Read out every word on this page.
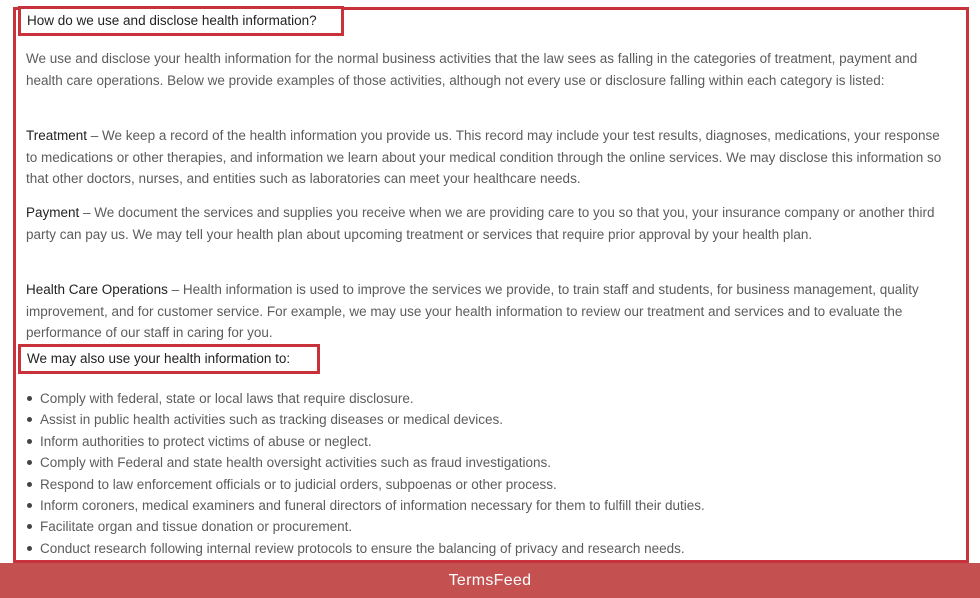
How do we use and disclose health information?

We use and disclose your health information for the normal business activities that the law sees as falling in the categories of treatment, payment and health care operations. Below we provide examples of those activities, although not every use or disclosure falling within each category is listed:

Treatment – We keep a record of the health information you provide us. This record may include your test results, diagnoses, medications, your response to medications or other therapies, and information we learn about your medical condition through the online services. We may disclose this information so that other doctors, nurses, and entities such as laboratories can meet your healthcare needs.

Payment – We document the services and supplies you receive when we are providing care to you so that you, your insurance company or another third party can pay us. We may tell your health plan about upcoming treatment or services that require prior approval by your health plan.

Health Care Operations – Health information is used to improve the services we provide, to train staff and students, for business management, quality improvement, and for customer service. For example, we may use your health information to review our treatment and services and to evaluate the performance of our staff in caring for you.

We may also use your health information to:
Comply with federal, state or local laws that require disclosure.
Assist in public health activities such as tracking diseases or medical devices.
Inform authorities to protect victims of abuse or neglect.
Comply with Federal and state health oversight activities such as fraud investigations.
Respond to law enforcement officials or to judicial orders, subpoenas or other process.
Inform coroners, medical examiners and funeral directors of information necessary for them to fulfill their duties.
Facilitate organ and tissue donation or procurement.
Conduct research following internal review protocols to ensure the balancing of privacy and research needs.
TermsFeed
